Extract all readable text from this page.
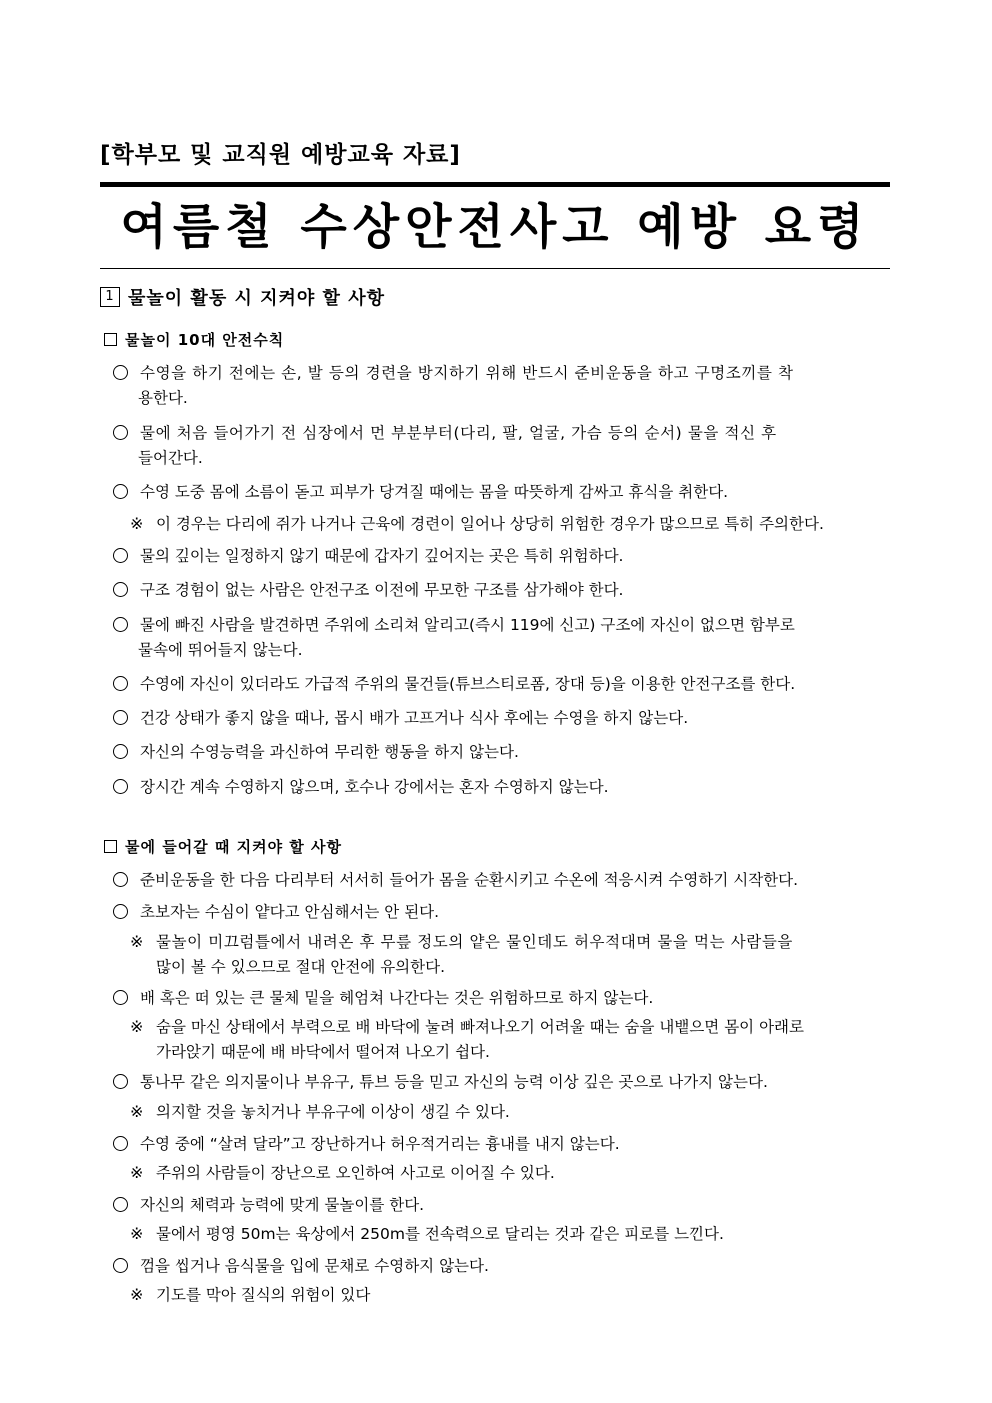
[학부모 및 교직원 예방교육 자료]
여름철 수상안전사고 예방 요령
1 물놀이 활동 시 지켜야 할 사항
물놀이 10대 안전수칙
수영을 하기 전에는 손, 발 등의 경련을 방지하기 위해 반드시 준비운동을 하고 구명조끼를 착
용한다.
물에 처음 들어가기 전 심장에서 먼 부분부터(다리, 팔, 얼굴, 가슴 등의 순서) 물을 적신 후
들어간다.
수영 도중 몸에 소름이 돋고 피부가 당겨질 때에는 몸을 따뜻하게 감싸고 휴식을 취한다.
※ 이 경우는 다리에 쥐가 나거나 근육에 경련이 일어나 상당히 위험한 경우가 많으므로 특히 주의한다.
물의 깊이는 일정하지 않기 때문에 갑자기 깊어지는 곳은 특히 위험하다.
구조 경험이 없는 사람은 안전구조 이전에 무모한 구조를 삼가해야 한다.
물에 빠진 사람을 발견하면 주위에 소리쳐 알리고(즉시 119에 신고) 구조에 자신이 없으면 함부로
물속에 뛰어들지 않는다.
수영에 자신이 있더라도 가급적 주위의 물건들(튜브스티로폼, 장대 등)을 이용한 안전구조를 한다.
건강 상태가 좋지 않을 때나, 몹시 배가 고프거나 식사 후에는 수영을 하지 않는다.
자신의 수영능력을 과신하여 무리한 행동을 하지 않는다.
장시간 계속 수영하지 않으며, 호수나 강에서는 혼자 수영하지 않는다.
물에 들어갈 때 지켜야 할 사항
준비운동을 한 다음 다리부터 서서히 들어가 몸을 순환시키고 수온에 적응시켜 수영하기 시작한다.
초보자는 수심이 얕다고 안심해서는 안 된다.
※ 물놀이 미끄럼틀에서 내려온 후 무릎 정도의 얕은 물인데도 허우적대며 물을 먹는 사람들을
많이 볼 수 있으므로 절대 안전에 유의한다.
배 혹은 떠 있는 큰 물체 밑을 헤엄쳐 나간다는 것은 위험하므로 하지 않는다.
※ 숨을 마신 상태에서 부력으로 배 바닥에 눌려 빠져나오기 어려울 때는 숨을 내뱉으면 몸이 아래로
가라앉기 때문에 배 바닥에서 떨어져 나오기 쉽다.
통나무 같은 의지물이나 부유구, 튜브 등을 믿고 자신의 능력 이상 깊은 곳으로 나가지 않는다.
※ 의지할 것을 놓치거나 부유구에 이상이 생길 수 있다.
수영 중에 “살려 달라”고 장난하거나 허우적거리는 흉내를 내지 않는다.
※ 주위의 사람들이 장난으로 오인하여 사고로 이어질 수 있다.
자신의 체력과 능력에 맞게 물놀이를 한다.
※ 물에서 평영 50m는 육상에서 250m를 전속력으로 달리는 것과 같은 피로를 느낀다.
껌을 씹거나 음식물을 입에 문채로 수영하지 않는다.
※ 기도를 막아 질식의 위험이 있다
